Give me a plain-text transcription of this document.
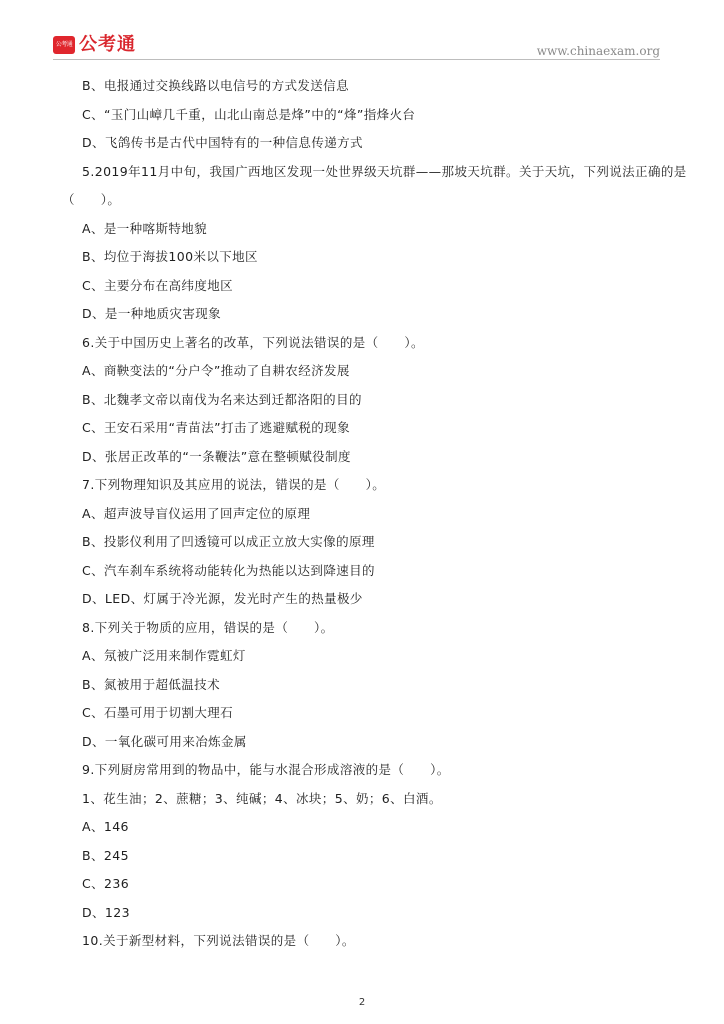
公考通 公考通	www.chinaexam.org
B、电报通过交换线路以电信号的方式发送信息
C、“玉门山嶂几千重，山北山南总是烽”中的“烽”指烽火台
D、飞鸽传书是古代中国特有的一种信息传递方式
5.2019年11月中旬，我国广西地区发现一处世界级天坑群——那坡天坑群。关于天坑，下列说法正确的是
（　　）。
A、是一种喀斯特地貌
B、均位于海拔100米以下地区
C、主要分布在高纬度地区
D、是一种地质灾害现象
6.关于中国历史上著名的改革，下列说法错误的是（　　）。
A、商鞅变法的“分户令”推动了自耕农经济发展
B、北魏孝文帝以南伐为名来达到迁都洛阳的目的
C、王安石采用“青苗法”打击了逃避赋税的现象
D、张居正改革的“一条鞭法”意在整顿赋役制度
7.下列物理知识及其应用的说法，错误的是（　　）。
A、超声波导盲仪运用了回声定位的原理
B、投影仪利用了凹透镜可以成正立放大实像的原理
C、汽车刹车系统将动能转化为热能以达到降速目的
D、LED、灯属于冷光源，发光时产生的热量极少
8.下列关于物质的应用，错误的是（　　）。
A、氖被广泛用来制作霓虹灯
B、氮被用于超低温技术
C、石墨可用于切割大理石
D、一氧化碳可用来冶炼金属
9.下列厨房常用到的物品中，能与水混合形成溶液的是（　　）。
1、花生油；2、蔗糖；3、纯碱；4、冰块；5、奶；6、白酒。
A、146
B、245
C、236
D、123
10.关于新型材料，下列说法错误的是（　　）。
2
